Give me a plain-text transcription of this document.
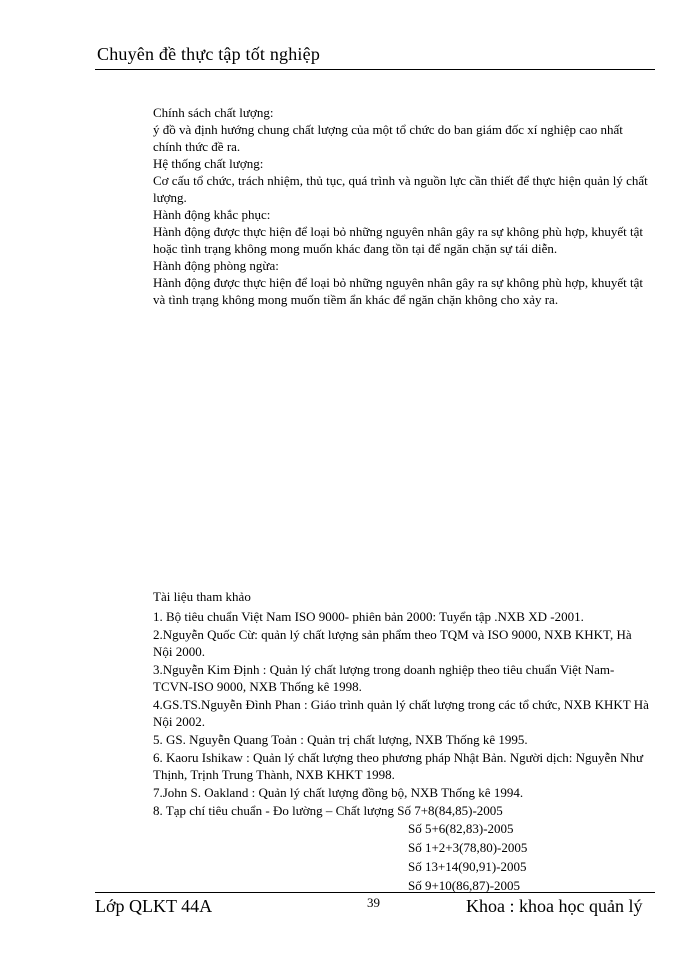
Chuyên đề thực tập tốt nghiệp

Chính sách chất lượng:

ý đồ và định hướng chung chất lượng của một tổ chức do ban giám đốc xí nghiệp cao nhất chính thức đề ra.

Hệ thống chất lượng:

Cơ cấu tổ chức, trách nhiệm, thủ tục, quá trình và nguồn lực cần thiết để thực hiện quản lý chất lượng.

Hành động khắc phục:

Hành động được thực hiện để loại bỏ những nguyên nhân gây ra sự không phù hợp, khuyết tật hoặc tình trạng không mong muốn khác đang tồn tại để ngăn chặn sự tái diễn.

Hành động phòng ngừa:

Hành động được thực hiện để loại bỏ những nguyên nhân gây ra sự không phù hợp, khuyết tật và tình trạng không mong muốn tiềm ẩn khác để ngăn chặn không cho xảy ra.

Tài liệu tham khảo

1. Bộ tiêu chuẩn Việt Nam ISO 9000- phiên bản 2000: Tuyển tập .NXB XD -2001.

2.Nguyễn Quốc Cừ: quản lý chất lượng sản phẩm theo TQM và ISO 9000, NXB KHKT, Hà Nội 2000.

3.Nguyễn Kim Định : Quản lý chất lượng trong doanh nghiệp theo tiêu chuẩn Việt Nam-TCVN-ISO 9000, NXB Thống kê 1998.

4.GS.TS.Nguyễn Đình Phan : Giáo trình quản lý chất lượng trong các tổ chức, NXB KHKT Hà Nội 2002.

5. GS. Nguyễn Quang Toản : Quản trị chất lượng, NXB Thống kê 1995.

6. Kaoru Ishikaw : Quản lý chất lượng theo phương pháp Nhật Bản. Người dịch: Nguyễn Như Thịnh, Trịnh Trung Thành, NXB KHKT 1998.

7.John S. Oakland : Quản lý chất lượng đồng bộ, NXB Thống kê 1994.

8. Tạp chí tiêu chuẩn - Đo lường – Chất lượng Số 7+8(84,85)-2005

Số 5+6(82,83)-2005

Số 1+2+3(78,80)-2005

Số 13+14(90,91)-2005

Số 9+10(86,87)-2005

Lớp QLKT 44A	39	Khoa : khoa học quản lý
